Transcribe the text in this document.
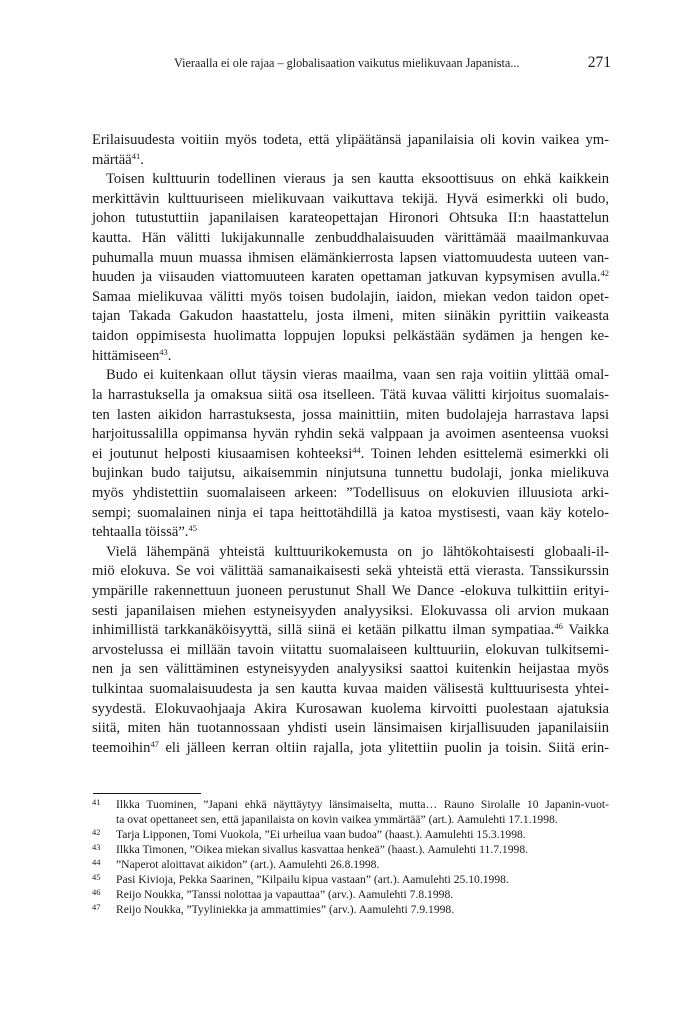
Vieraalla ei ole rajaa – globalisaation vaikutus mielikuvaan Japanista...	271
Erilaisuudesta voitiin myös todeta, että ylipäätänsä japanilaisia oli kovin vaikea ym-
märtää$^{41}$.
Toisen kulttuurin todellinen vieraus ja sen kautta eksoottisuus on ehkä kaikkein
merkittävin kulttuuriseen mielikuvaan vaikuttava tekijä. Hyvä esimerkki oli budo,
johon tutustuttiin japanilaisen karateopettajan Hironori Ohtsuka II:n haastattelun
kautta. Hän välitti lukijakunnalle zenbuddhalaisuuden värittämää maailmankuvaa
puhumalla muun muassa ihmisen elämänkierrosta lapsen viattomuudesta uuteen van-
huuden ja viisauden viattomuuteen karaten opettaman jatkuvan kypsymisen avulla.$^{42}$
Samaa mielikuvaa välitti myös toisen budolajin, iaidon, miekan vedon taidon opet-
tajan Takada Gakudon haastattelu, josta ilmeni, miten siinäkin pyrittiin vaikeasta
taidon oppimisesta huolimatta loppujen lopuksi pelkästään sydämen ja hengen ke-
hittämiseen$^{43}$.
Budo ei kuitenkaan ollut täysin vieras maailma, vaan sen raja voitiin ylittää omal-
la harrastuksella ja omaksua siitä osa itselleen. Tätä kuvaa välitti kirjoitus suomalais-
ten lasten aikidon harrastuksesta, jossa mainittiin, miten budolajeja harrastava lapsi
harjoitussalilla oppimansa hyvän ryhdin sekä valppaan ja avoimen asenteensa vuoksi
ei joutunut helposti kiusaamisen kohteeksi$^{44}$. Toinen lehden esittelemä esimerkki oli
bujinkan budo taijutsu, aikaisemmin ninjutsuna tunnettu budolaji, jonka mielikuva
myös yhdistettiin suomalaiseen arkeen: ”Todellisuus on elokuvien illuusiota arki-
sempi; suomalainen ninja ei tapa heittotähdillä ja katoa mystisesti, vaan käy kotelo-
tehtaalla töissä”.$^{45}$
Vielä lähempänä yhteistä kulttuurikokemusta on jo lähtökohtaisesti globaali-il-
miö elokuva. Se voi välittää samanaikaisesti sekä yhteistä että vierasta. Tanssikurssin
ympärille rakennettuun juoneen perustunut Shall We Dance -elokuva tulkittiin erityi-
sesti japanilaisen miehen estyneisyyden analyysiksi. Elokuvassa oli arvion mukaan
inhimillistä tarkkanäköisyyttä, sillä siinä ei ketään pilkattu ilman sympatiaa.$^{46}$ Vaikka
arvostelussa ei millään tavoin viitattu suomalaiseen kulttuuriin, elokuvan tulkitsemi-
nen ja sen välittäminen estyneisyyden analyysiksi saattoi kuitenkin heijastaa myös
tulkintaa suomalaisuudesta ja sen kautta kuvaa maiden välisestä kulttuurisesta yhtei-
syydestä. Elokuvaohjaaja Akira Kurosawan kuolema kirvoitti puolestaan ajatuksia
siitä, miten hän tuotannossaan yhdisti usein länsimaisen kirjallisuuden japanilaisiin
teemoihin$^{47}$ eli jälleen kerran oltiin rajalla, jota ylitettiin puolin ja toisin. Siitä erin-
41 Ilkka Tuominen, ”Japani ehkä näyttäytyy länsimaiselta, mutta… Rauno Sirolalle 10 Japanin-vuot-
ta ovat opettaneet sen, että japanilaista on kovin vaikea ymmärtää” (art.). Aamulehti 17.1.1998.
42 Tarja Lipponen, Tomi Vuokola, ”Ei urheilua vaan budoa” (haast.). Aamulehti 15.3.1998.
43 Ilkka Timonen, ”Oikea miekan sivallus kasvattaa henkeä” (haast.). Aamulehti 11.7.1998.
44 ”Naperot aloittavat aikidon” (art.). Aamulehti 26.8.1998.
45 Pasi Kivioja, Pekka Saarinen, ”Kilpailu kipua vastaan” (art.). Aamulehti 25.10.1998.
46 Reijo Noukka, ”Tanssi nolottaa ja vapauttaa” (arv.). Aamulehti 7.8.1998.
47 Reijo Noukka, ”Tyyliniekka ja ammattimies” (arv.). Aamulehti 7.9.1998.
